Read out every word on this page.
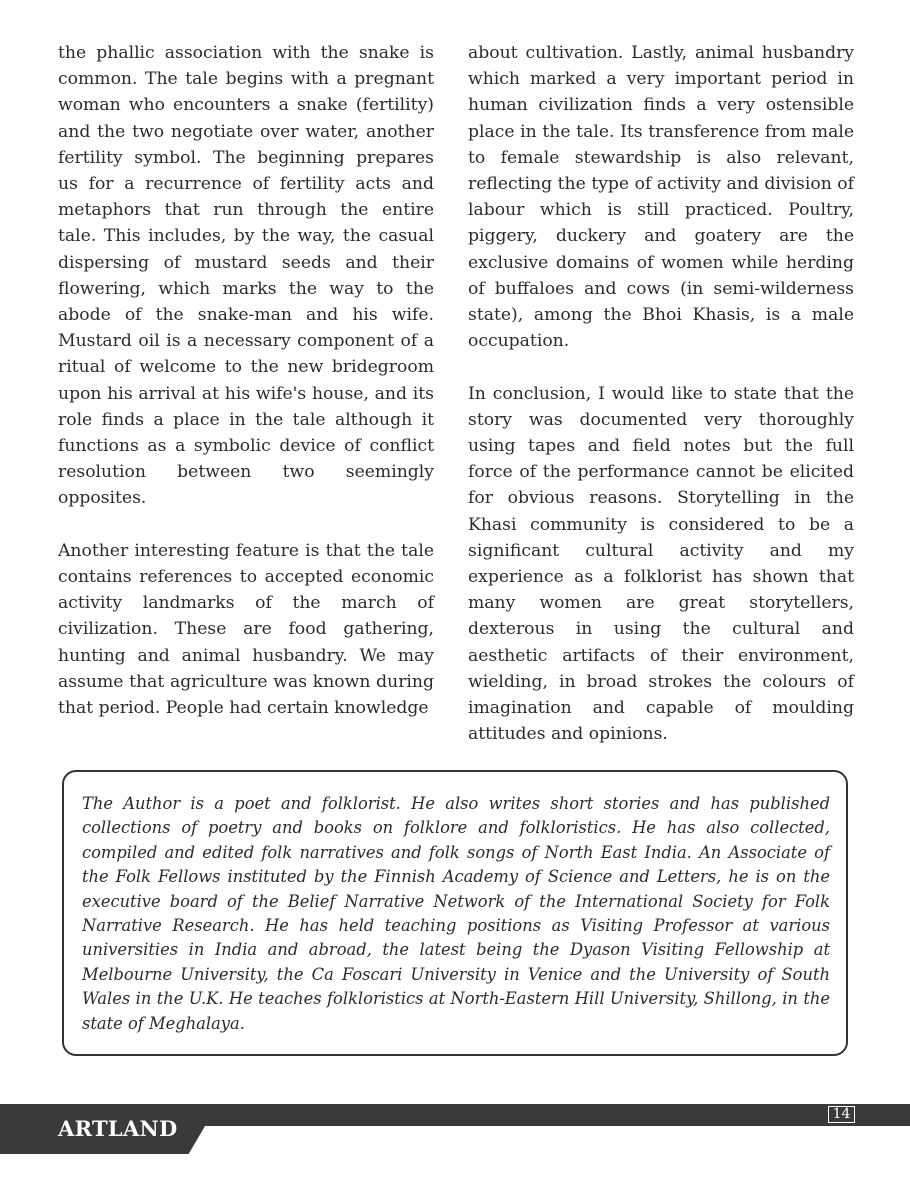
the phallic association with the snake is common. The tale begins with a pregnant woman who encounters a snake (fertility) and the two negotiate over water, another fertility symbol. The beginning prepares us for a recurrence of fertility acts and metaphors that run through the entire tale. This includes, by the way, the casual dispersing of mustard seeds and their flowering, which marks the way to the abode of the snake-man and his wife. Mustard oil is a necessary component of a ritual of welcome to the new bridegroom upon his arrival at his wife's house, and its role finds a place in the tale although it functions as a symbolic device of conflict resolution between two seemingly opposites.

Another interesting feature is that the tale contains references to accepted economic activity landmarks of the march of civilization. These are food gathering, hunting and animal husbandry. We may assume that agriculture was known during that period. People had certain knowledge

about cultivation. Lastly, animal husbandry which marked a very important period in human civilization finds a very ostensible place in the tale. Its transference from male to female stewardship is also relevant, reflecting the type of activity and division of labour which is still practiced. Poultry, piggery, duckery and goatery are the exclusive domains of women while herding of buffaloes and cows (in semi-wilderness state), among the Bhoi Khasis, is a male occupation.

In conclusion, I would like to state that the story was documented very thoroughly using tapes and field notes but the full force of the performance cannot be elicited for obvious reasons. Storytelling in the Khasi community is considered to be a significant cultural activity and my experience as a folklorist has shown that many women are great storytellers, dexterous in using the cultural and aesthetic artifacts of their environment, wielding, in broad strokes the colours of imagination and capable of moulding attitudes and opinions.

The Author is a poet and folklorist. He also writes short stories and has published collections of poetry and books on folklore and folkloristics. He has also collected, compiled and edited folk narratives and folk songs of North East India. An Associate of the Folk Fellows instituted by the Finnish Academy of Science and Letters, he is on the executive board of the Belief Narrative Network of the International Society for Folk Narrative Research. He has held teaching positions as Visiting Professor at various universities in India and abroad, the latest being the Dyason Visiting Fellowship at Melbourne University, the Ca Foscari University in Venice and the University of South Wales in the U.K. He teaches folkloristics at North-Eastern Hill University, Shillong, in the state of Meghalaya.

ARTLAND
14
